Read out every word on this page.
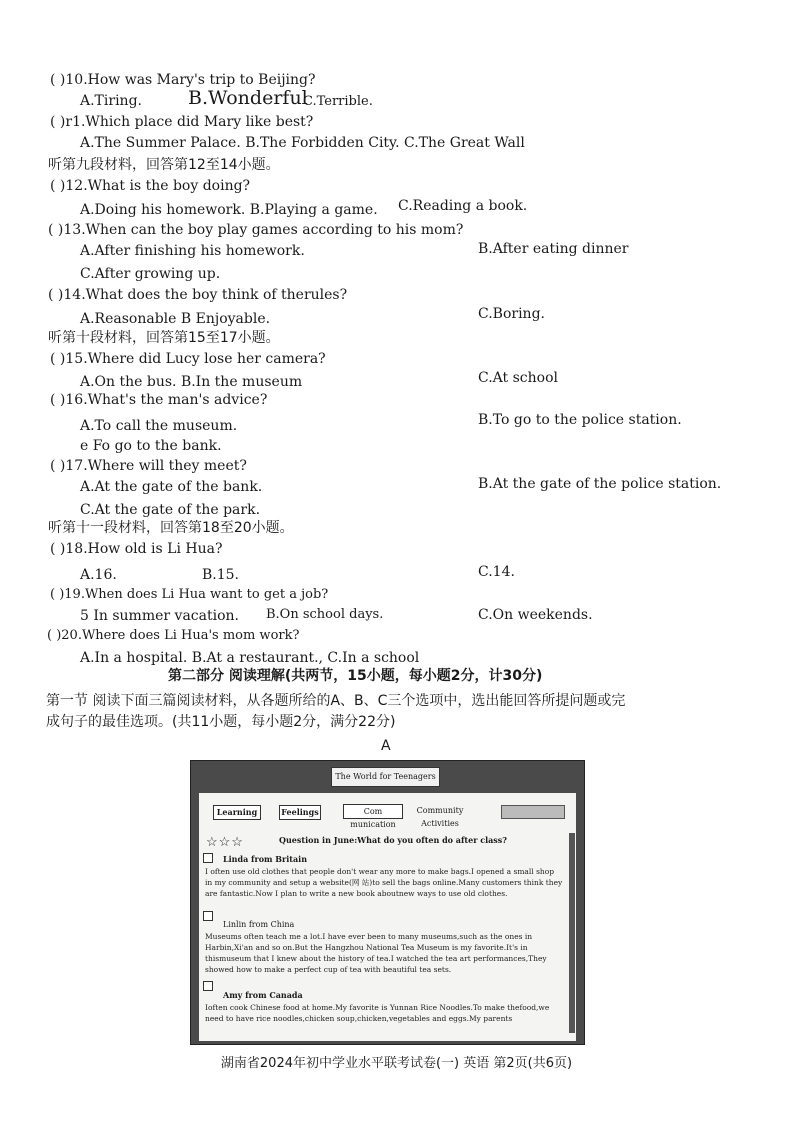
( )10.How was Mary's trip to Beijing?
A.Tiring. B.Wonderful
C.Terrible.
( )r1.Which place did Mary like best?
A.The Summer Palace. B.The Forbidden City. C.The Great Wall
听第九段材料，回答第12至14小题。
( )12.What is the boy doing?
A.Doing his homework. B.Playing a game. C.Reading a book.
( )13.When can the boy play games according to his mom?
A.After finishing his homework.	B.After eating dinner
C.After growing up.
( )14.What does the boy think of therules?
A.Reasonable B Enjoyable.	C.Boring.
听第十段材料，回答第15至17小题。
( )15.Where did Lucy lose her camera?
A.On the bus. B.In the museum	C.At school
( )16.What's the man's advice?
A.To call the museum.	B.To go to the police station.
e Fo go to the bank.
( )17.Where will they meet?
A.At the gate of the bank.	B.At the gate of the police station.
C.At the gate of the park.
听第十一段材料，回答第18至20小题。
( )18.How old is Li Hua?
A.16.	B.15.	C.14.
( )19.When does Li Hua want to get a job?
5 In summer vacation. B.On school days.	C.On weekends.
( )20.Where does Li Hua's mom work?
A.In a hospital. B.At a restaurant., C.In a school
第二部分 阅读理解(共两节，15小题，每小题2分，计30分)
第一节 阅读下面三篇阅读材料，从各题所给的A、B、C三个选项中，选出能回答所提问题或完
成句子的最佳选项。(共11小题，每小题2分，满分22分)
A
The World for Teenagers
Learning	Feelings	Com munication
Community Activities
Question in June:What do you often do after class?
Linda from Britain
I often use old clothes that people don't wear any more to make bags.I opened a small shop in my community and setup a website(网 站)to sell the bags online.Many customers think they are fantastic.Now I plan to write a new book aboutnew ways to use old clothes.
Linlin from China
Museums often teach me a lot.I have ever been to many museums,such as the ones in Harbin,Xi'an and so on.But the Hangzhou National Tea Museum is my favorite.It's in thismuseum that I knew about the history of tea.I watched the tea art performances,They showed how to make a perfect cup of tea with beautiful tea sets.
Amy from Canada
Ioften cook Chinese food at home.My favorite is Yunnan Rice Noodles.To make thefood,we need to have rice noodles,chicken soup,chicken,vegetables and eggs.My parents
☆☆☆
湖南省2024年初中学业水平联考试卷(一) 英语 第2页(共6页)
